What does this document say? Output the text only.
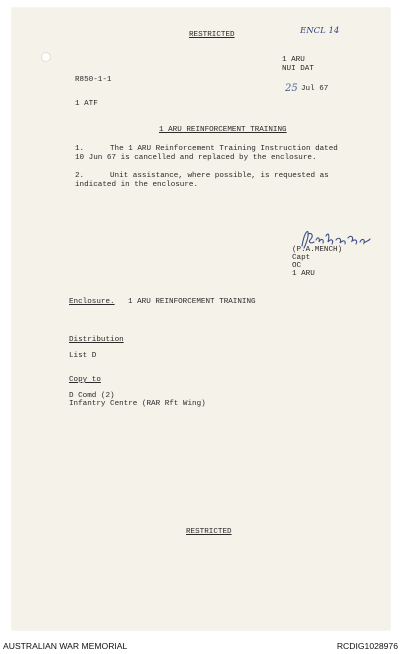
RESTRICTED	ENCL 14
1 ARU
NUI DAT
25 Jul 67
R850-1-1
1 ATF
1 ARU REINFORCEMENT TRAINING
1.	The 1 ARU Reinforcement Training Instruction dated
10 Jun 67 is cancelled and replaced by the enclosure.
2.	Unit assistance, where possible, is requested as
indicated in the enclosure.
(P.A.MENCH)
Capt
OC
1 ARU
Enclosure. 1 ARU REINFORCEMENT TRAINING
Distribution
List D
Copy to
D Comd (2)
Infantry Centre (RAR Rft Wing)
RESTRICTED
AUSTRALIAN WAR MEMORIAL	RCDIG1028976
